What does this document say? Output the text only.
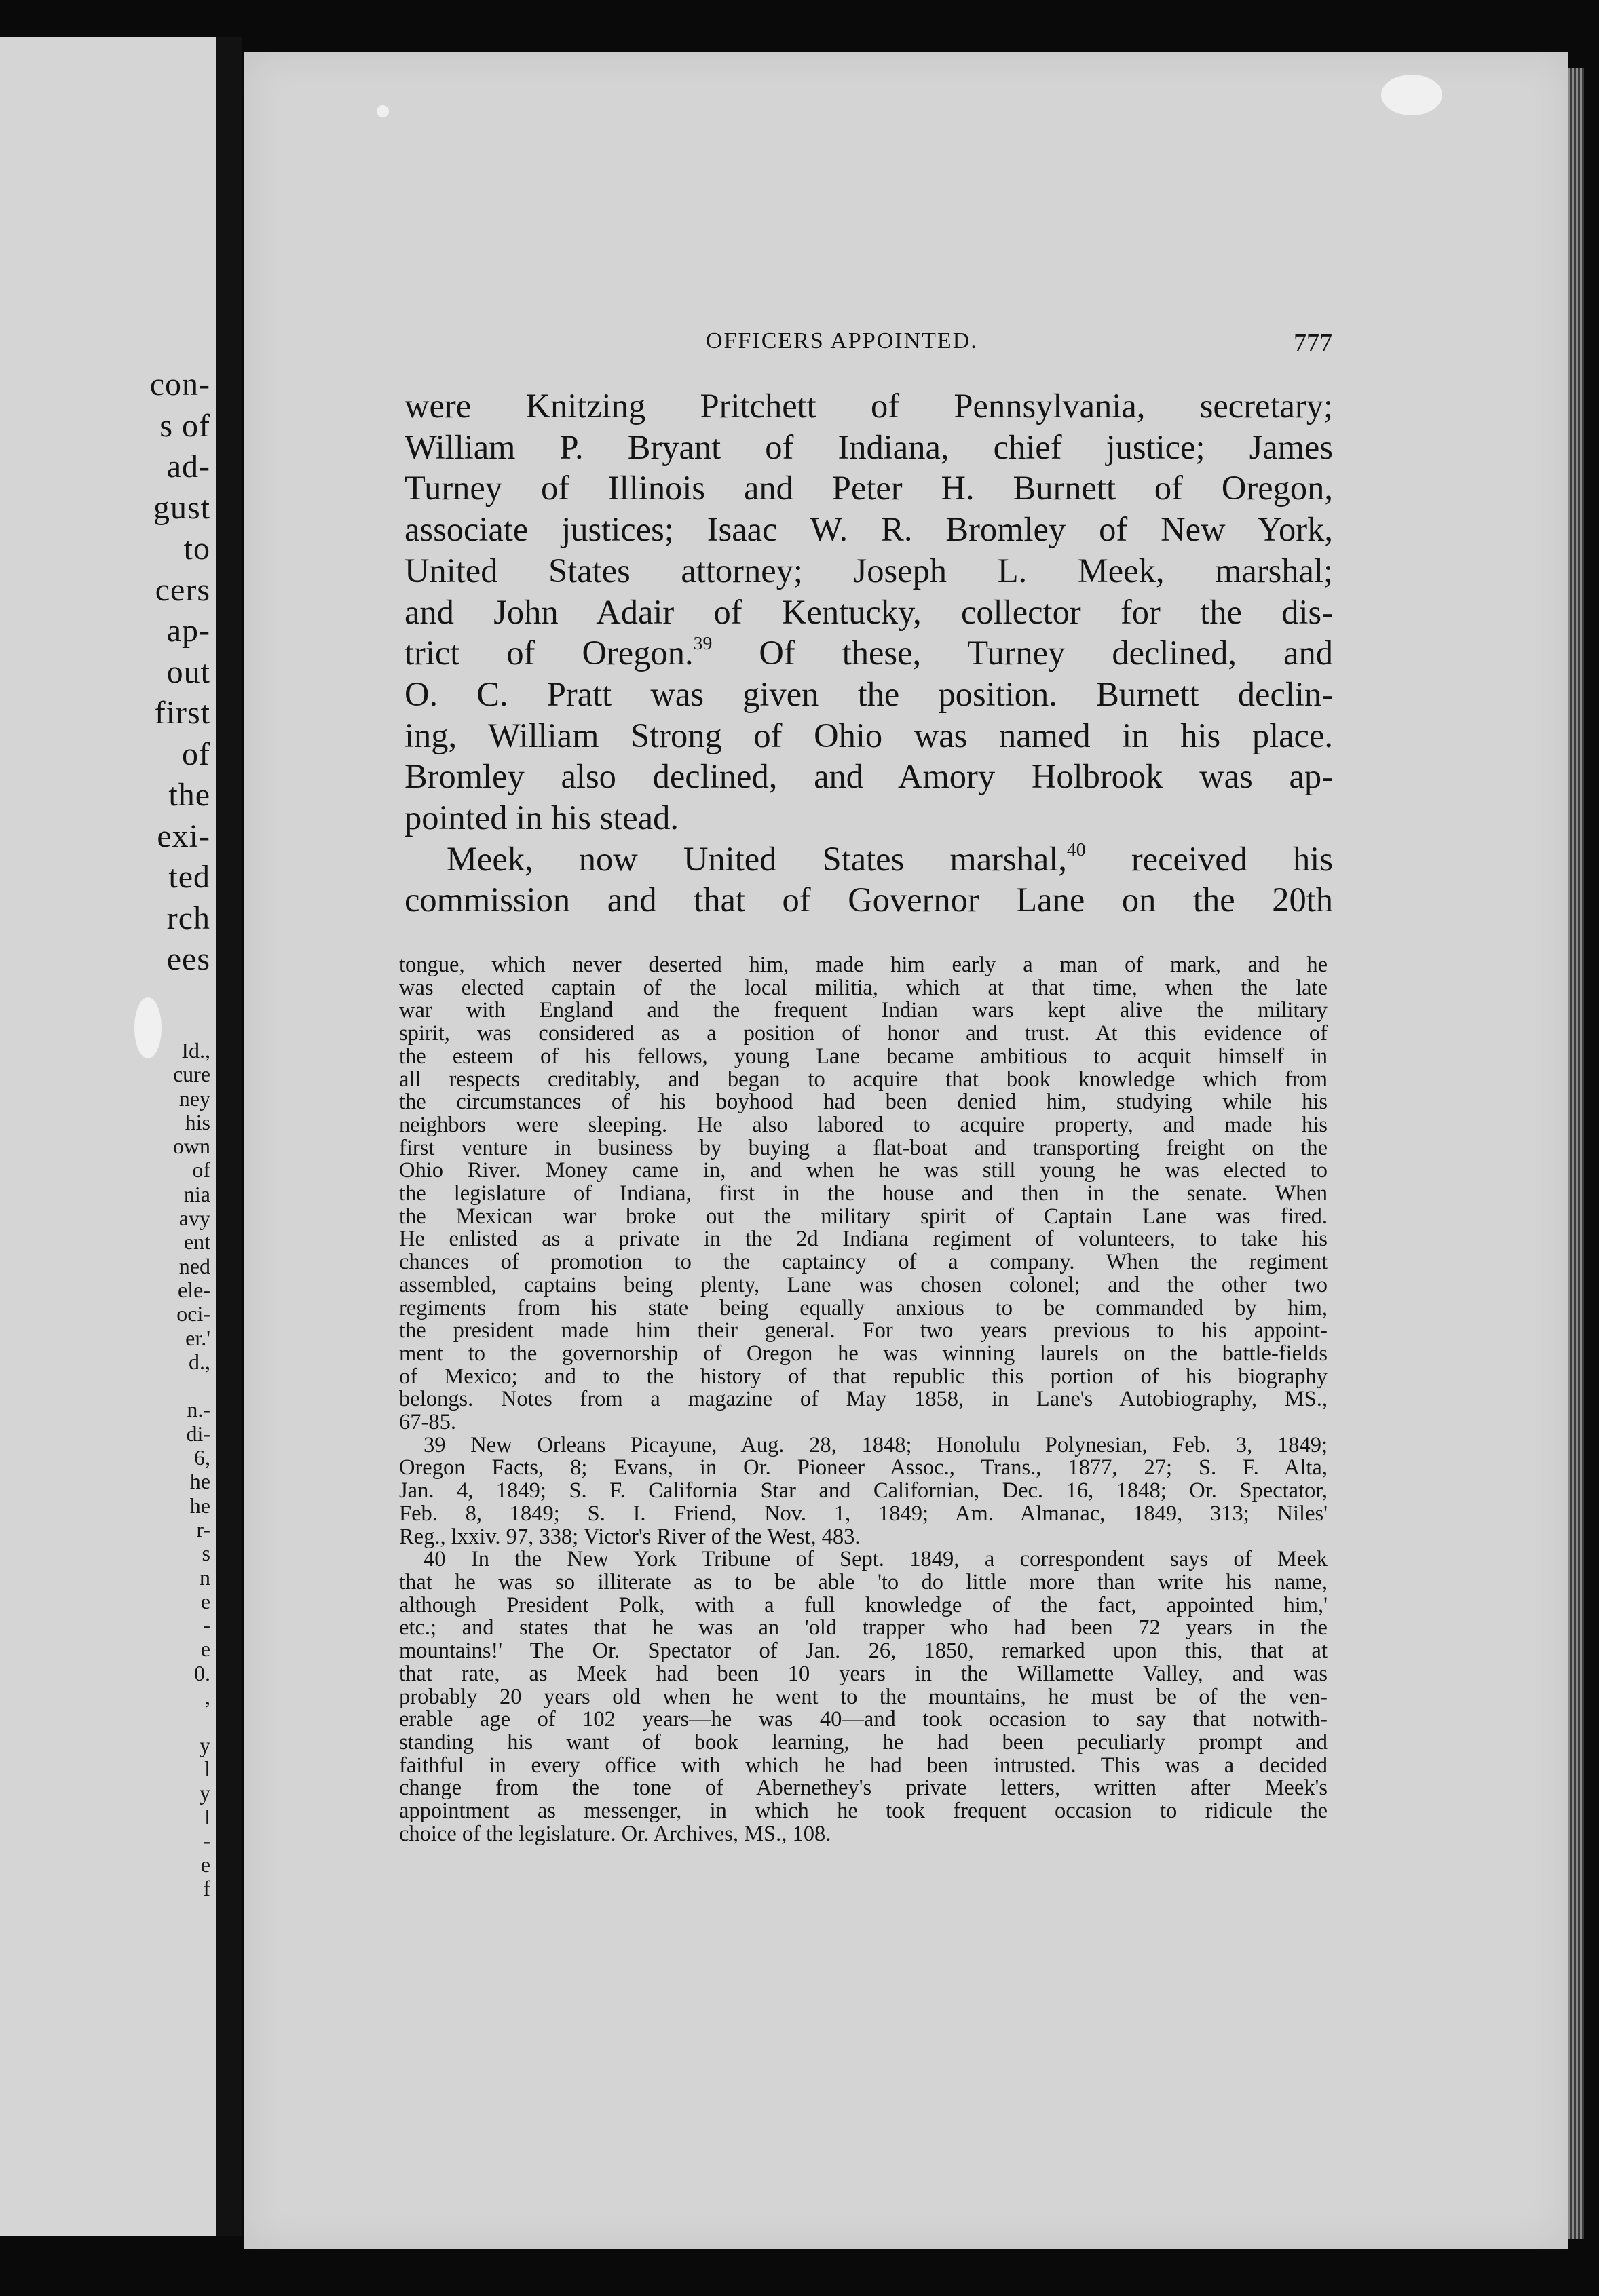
con-
s of
ad-
gust
to
cers
ap-
out
first
of
the
exi-
ted
rch
ees
Id.,
cure
ney
his
own
of
nia
avy
ent
ned
ele-
oci-
er.'
d.,

n.-
di-
6,
he
he
r-
s
n
e
-
e
0.
,

y
l
y
l
-
e
f
OFFICERS APPOINTED.	777
were Knitzing Pritchett of Pennsylvania, secretary;
William P. Bryant of Indiana, chief justice; James
Turney of Illinois and Peter H. Burnett of Oregon,
associate justices; Isaac W. R. Bromley of New York,
United States attorney; Joseph L. Meek, marshal;
and John Adair of Kentucky, collector for the dis-
trict of Oregon.$^{39}$ Of these, Turney declined, and
O. C. Pratt was given the position. Burnett declin-
ing, William Strong of Ohio was named in his place.
Bromley also declined, and Amory Holbrook was ap-
pointed in his stead.
Meek, now United States marshal,$^{40}$ received his
commission and that of Governor Lane on the 20th
tongue, which never deserted him, made him early a man of mark, and he
was elected captain of the local militia, which at that time, when the late
war with England and the frequent Indian wars kept alive the military
spirit, was considered as a position of honor and trust. At this evidence of
the esteem of his fellows, young Lane became ambitious to acquit himself in
all respects creditably, and began to acquire that book knowledge which from
the circumstances of his boyhood had been denied him, studying while his
neighbors were sleeping. He also labored to acquire property, and made his
first venture in business by buying a flat-boat and transporting freight on the
Ohio River. Money came in, and when he was still young he was elected to
the legislature of Indiana, first in the house and then in the senate. When
the Mexican war broke out the military spirit of Captain Lane was fired.
He enlisted as a private in the 2d Indiana regiment of volunteers, to take his
chances of promotion to the captaincy of a company. When the regiment
assembled, captains being plenty, Lane was chosen colonel; and the other two
regiments from his state being equally anxious to be commanded by him,
the president made him their general. For two years previous to his appoint-
ment to the governorship of Oregon he was winning laurels on the battle-fields
of Mexico; and to the history of that republic this portion of his biography
belongs. Notes from a magazine of May 1858, in Lane's Autobiography, MS.,
67-85.
39 New Orleans Picayune, Aug. 28, 1848; Honolulu Polynesian, Feb. 3, 1849;
Oregon Facts, 8; Evans, in Or. Pioneer Assoc., Trans., 1877, 27; S. F. Alta,
Jan. 4, 1849; S. F. California Star and Californian, Dec. 16, 1848; Or. Spectator,
Feb. 8, 1849; S. I. Friend, Nov. 1, 1849; Am. Almanac, 1849, 313; Niles'
Reg., lxxiv. 97, 338; Victor's River of the West, 483.
40 In the New York Tribune of Sept. 1849, a correspondent says of Meek
that he was so illiterate as to be able 'to do little more than write his name,
although President Polk, with a full knowledge of the fact, appointed him,'
etc.; and states that he was an 'old trapper who had been 72 years in the
mountains!' The Or. Spectator of Jan. 26, 1850, remarked upon this, that at
that rate, as Meek had been 10 years in the Willamette Valley, and was
probably 20 years old when he went to the mountains, he must be of the ven-
erable age of 102 years—he was 40—and took occasion to say that notwith-
standing his want of book learning, he had been peculiarly prompt and
faithful in every office with which he had been intrusted. This was a decided
change from the tone of Abernethey's private letters, written after Meek's
appointment as messenger, in which he took frequent occasion to ridicule the
choice of the legislature. Or. Archives, MS., 108.
